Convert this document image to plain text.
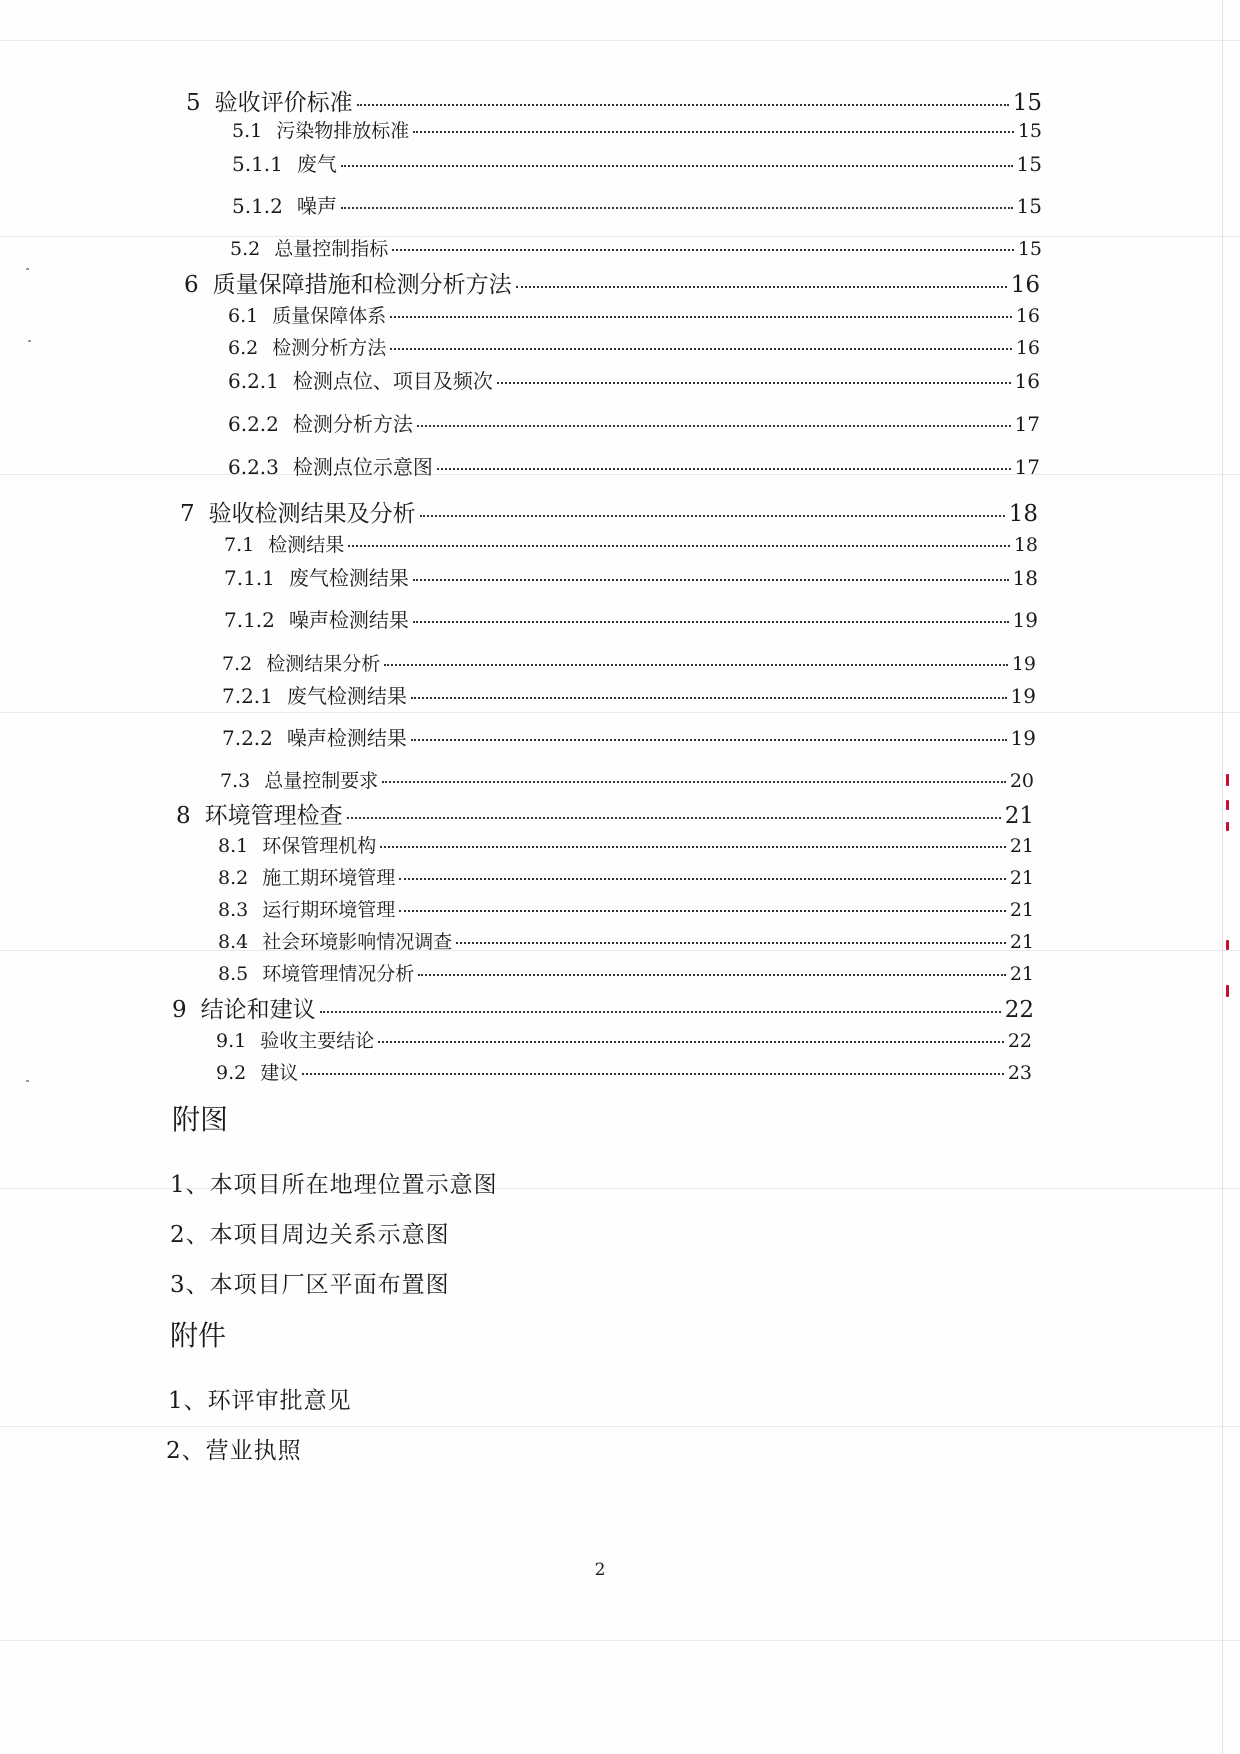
5 验收评价标准	15
5.1 污染物排放标准	15
5.1.1 废气	15
5.1.2 噪声	15
5.2 总量控制指标	15
6 质量保障措施和检测分析方法	16
6.1 质量保障体系	16
6.2 检测分析方法	16
6.2.1 检测点位、项目及频次	16
6.2.2 检测分析方法	17
6.2.3 检测点位示意图	17
7 验收检测结果及分析	18
7.1 检测结果	18
7.1.1 废气检测结果	18
7.1.2 噪声检测结果	19
7.2 检测结果分析	19
7.2.1 废气检测结果	19
7.2.2 噪声检测结果	19
7.3 总量控制要求	20
8 环境管理检查	21
8.1 环保管理机构	21
8.2 施工期环境管理	21
8.3 运行期环境管理	21
8.4 社会环境影响情况调查	21
8.5 环境管理情况分析	21
9 结论和建议	22
9.1 验收主要结论	22
9.2 建议	23
附图
1、本项目所在地理位置示意图
2、本项目周边关系示意图
3、本项目厂区平面布置图
附件
1、环评审批意见
2、营业执照
2
